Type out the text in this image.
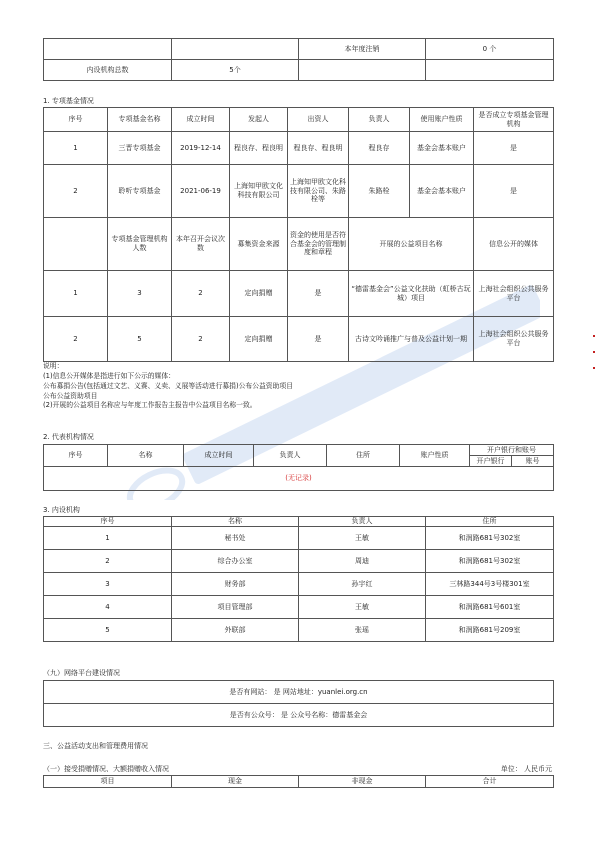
		本年度注销	0 个
内设机构总数	5个		
1. 专项基金情况
序号	专项基金名称	成立时间	发起人	出资人	负责人	使用账户性质	是否成立专项基金管理机构
1	三晋专项基金	2019-12-14	程良存、程良明	程良存、程良明	程良存	基金会基本账户	是
2	聆听专项基金	2021-06-19	上海知甲欧文化科技有限公司	上海知甲欧文化科技有限公司、朱路栓等	朱路栓	基金会基本账户	是
	专项基金管理机构人数	本年召开会议次数	募集资金来源	资金的使用是否符合基金会的管理制度和章程	开展的公益项目名称		信息公开的媒体
1	3	2	定向捐赠	是	“德雷基金会”公益文化扶助（虹桥古玩城）项目		上海社会组织公共服务平台
2	5	2	定向捐赠	是	古诗文吟诵推广与普及公益计划一期		上海社会组织公共服务平台
说明：
(1)信息公开媒体是指进行如下公示的媒体：
公布募捐公告(包括通过文艺、义赛、义卖、义展等活动进行募捐)公布公益资助项目
公布公益资助项目
(2)开展的公益项目名称应与年度工作报告主报告中公益项目名称一致。
2. 代表机构情况
序号	名称	成立时间	负责人	住所	账户性质	开户银行和账号	
						开户银行	账号
(无记录)							
3. 内设机构
序号	名称	负责人	住所
1	秘书处	王敏	和润路681号302室
2	综合办公室	周迪	和润路681号302室
3	财务部	孙宇红	三林路344号3号楼301室
4	项目管理部	王敏	和润路681号601室
5	外联部	张瑶	和润路681号209室
（九）网络平台建设情况
是否有网站： 是 网站地址：yuanlei.org.cn
是否有公众号： 是 公众号名称：德雷基金会
三、公益活动支出和管理费用情况
（一）接受捐赠情况、大额捐赠收入情况	单位： 人民币元
项目	现金	非现金	合计
